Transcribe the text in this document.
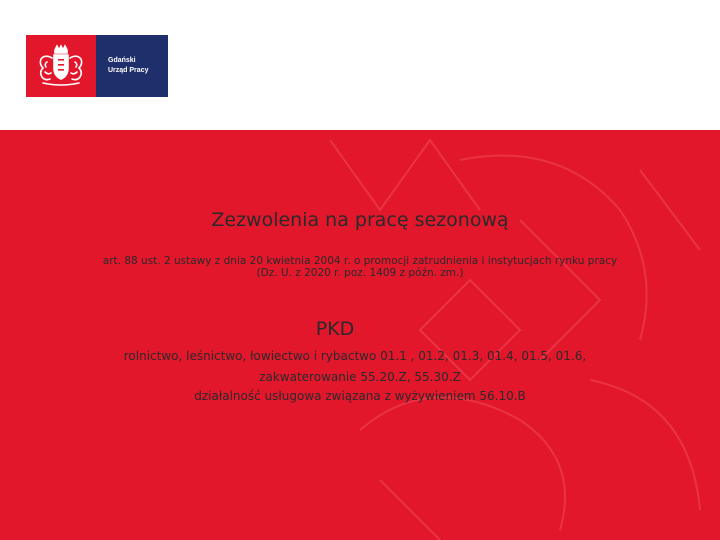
Gdański
Urząd Pracy
Zezwolenia na pracę sezonową
art. 88 ust. 2 ustawy z dnia 20 kwietnia 2004 r. o promocji zatrudnienia i instytucjach rynku pracy
(Dz. U. z 2020 r. poz. 1409 z późn. zm.)
PKD
rolnictwo, leśnictwo, łowiectwo i rybactwo 01.1 , 01.2, 01.3, 01.4, 01.5, 01.6,
zakwaterowanie 55.20.Z, 55.30.Z
działalność usługowa związana z wyżywieniem 56.10.B
